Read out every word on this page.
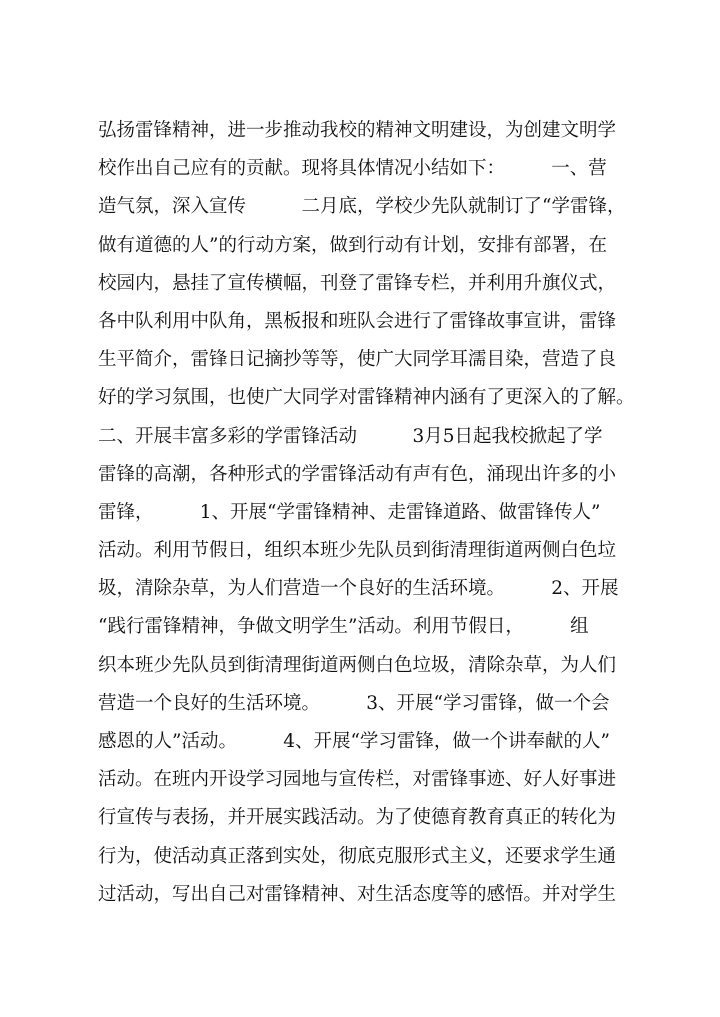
弘扬雷锋精神，进一步推动我校的精神文明建设，为创建文明学
校作出自己应有的贡献。现将具体情况小结如下：　　　一、营
造气氛，深入宣传　　　二月底，学校少先队就制订了“学雷锋，
做有道德的人”的行动方案，做到行动有计划，安排有部署，在
校园内，悬挂了宣传横幅，刊登了雷锋专栏，并利用升旗仪式，
各中队利用中队角，黑板报和班队会进行了雷锋故事宣讲，雷锋
生平简介，雷锋日记摘抄等等，使广大同学耳濡目染，营造了良
好的学习氛围，也使广大同学对雷锋精神内涵有了更深入的了解。
二、开展丰富多彩的学雷锋活动　　　3月5日起我校掀起了学
雷锋的高潮，各种形式的学雷锋活动有声有色，涌现出许多的小
雷锋，　　　1、开展“学雷锋精神、走雷锋道路、做雷锋传人”
活动。利用节假日，组织本班少先队员到街清理街道两侧白色垃
圾，清除杂草，为人们营造一个良好的生活环境。　　　2、开展
“践行雷锋精神，争做文明学生”活动。利用节假日，　　　组
织本班少先队员到街清理街道两侧白色垃圾，清除杂草，为人们
营造一个良好的生活环境。　　　3、开展“学习雷锋，做一个会
感恩的人”活动。　　　4、开展“学习雷锋，做一个讲奉献的人”
活动。在班内开设学习园地与宣传栏，对雷锋事迹、好人好事进
行宣传与表扬，并开展实践活动。为了使德育教育真正的转化为
行为，使活动真正落到实处，彻底克服形式主义，还要求学生通
过活动，写出自己对雷锋精神、对生活态度等的感悟。并对学生
